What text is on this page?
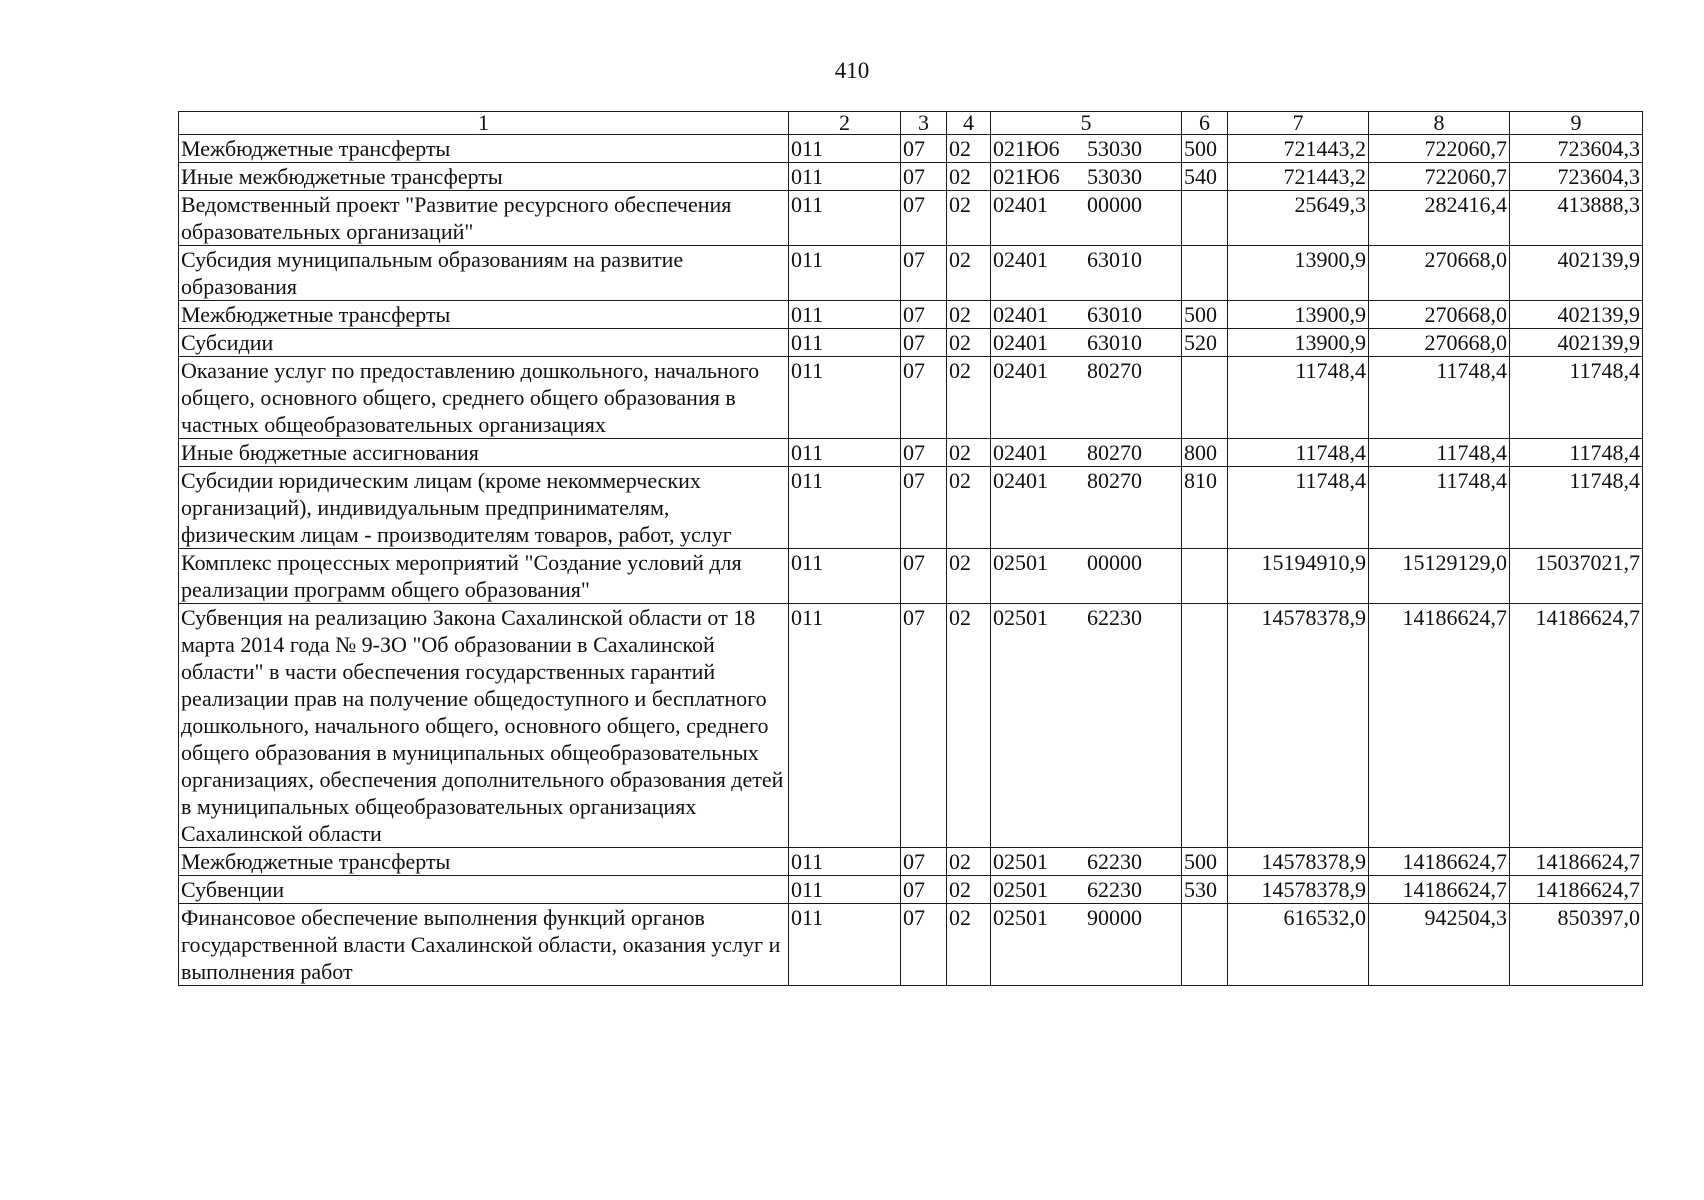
410
1	2	3	4	5	6	7	8	9
Межбюджетные трансферты	011	07	02	021Ю6 53030	500	721443,2	722060,7	723604,3
Иные межбюджетные трансферты	011	07	02	021Ю6 53030	540	721443,2	722060,7	723604,3
Ведомственный проект "Развитие ресурсного обеспечения образовательных организаций"	011	07	02	02401 00000		25649,3	282416,4	413888,3
Субсидия муниципальным образованиям на развитие образования	011	07	02	02401 63010		13900,9	270668,0	402139,9
Межбюджетные трансферты	011	07	02	02401 63010	500	13900,9	270668,0	402139,9
Субсидии	011	07	02	02401 63010	520	13900,9	270668,0	402139,9
Оказание услуг по предоставлению дошкольного, начального общего, основного общего, среднего общего образования в частных общеобразовательных организациях	011	07	02	02401 80270		11748,4	11748,4	11748,4
Иные бюджетные ассигнования	011	07	02	02401 80270	800	11748,4	11748,4	11748,4
Субсидии юридическим лицам (кроме некоммерческих организаций), индивидуальным предпринимателям, физическим лицам - производителям товаров, работ, услуг	011	07	02	02401 80270	810	11748,4	11748,4	11748,4
Комплекс процессных мероприятий "Создание условий для реализации программ общего образования"	011	07	02	02501 00000		15194910,9	15129129,0	15037021,7
Субвенция на реализацию Закона Сахалинской области от 18 марта 2014 года № 9-ЗО "Об образовании в Сахалинской области" в части обеспечения государственных гарантий реализации прав на получение общедоступного и бесплатного дошкольного, начального общего, основного общего, среднего общего образования в муниципальных общеобразовательных организациях, обеспечения дополнительного образования детей в муниципальных общеобразовательных организациях Сахалинской области	011	07	02	02501 62230		14578378,9	14186624,7	14186624,7
Межбюджетные трансферты	011	07	02	02501 62230	500	14578378,9	14186624,7	14186624,7
Субвенции	011	07	02	02501 62230	530	14578378,9	14186624,7	14186624,7
Финансовое обеспечение выполнения функций органов государственной власти Сахалинской области, оказания услуг и выполнения работ	011	07	02	02501 90000		616532,0	942504,3	850397,0
